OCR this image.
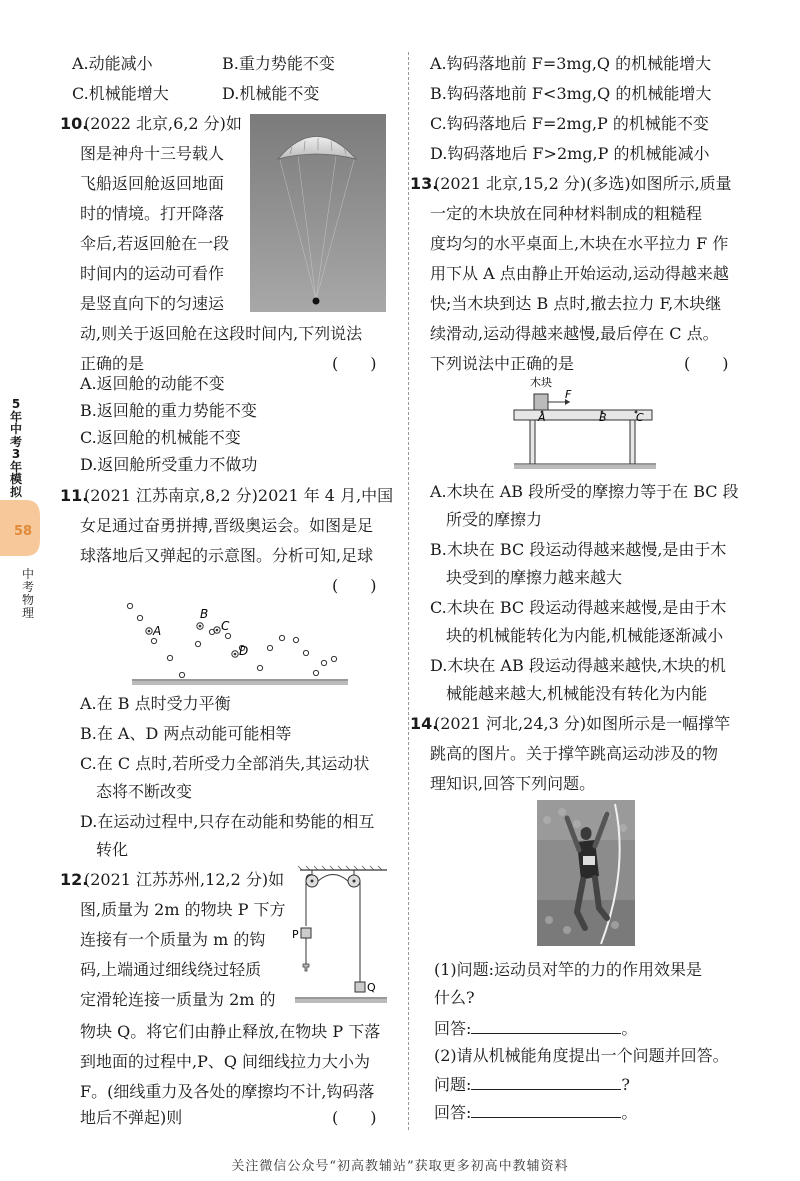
A.动能减小	B.重力势能不变
C.机械能增大	D.机械能不变
10.
(2022 北京,6,2 分)如
图是神舟十三号载人
飞船返回舱返回地面
时的情境。打开降落
伞后,若返回舱在一段
时间内的运动可看作
是竖直向下的匀速运
动,则关于返回舱在这段时间内,下列说法
正确的是	(　　)
A.返回舱的动能不变
B.返回舱的重力势能不变
C.返回舱的机械能不变
D.返回舱所受重力不做功
11.
(2021 江苏南京,8,2 分)2021 年 4 月,中国
女足通过奋勇拼搏,晋级奥运会。如图是足
球落地后又弹起的示意图。分析可知,足球
(　　)
A
B
C
D
A.在 B 点时受力平衡
B.在 A、D 两点动能可能相等
C.在 C 点时,若所受力全部消失,其运动状
态将不断改变
D.在运动过程中,只存在动能和势能的相互
转化
12.
(2021 江苏苏州,12,2 分)如
图,质量为 2m 的物块 P 下方
连接有一个质量为 m 的钩
码,上端通过细线绕过轻质
定滑轮连接一质量为 2m 的
物块 Q。将它们由静止释放,在物块 P 下落
到地面的过程中,P、Q 间细线拉力大小为
F。(细线重力及各处的摩擦均不计,钩码落
地后不弹起)则	(　　)
P
Q
A.钩码落地前 F=3mg,Q 的机械能增大
B.钩码落地前 F<3mg,Q 的机械能增大
C.钩码落地后 F=2mg,P 的机械能不变
D.钩码落地后 F>2mg,P 的机械能减小
13.
(2021 北京,15,2 分)(多选)如图所示,质量
一定的木块放在同种材料制成的粗糙程
度均匀的水平桌面上,木块在水平拉力 F 作
用下从 A 点由静止开始运动,运动得越来越
快;当木块到达 B 点时,撤去拉力 F,木块继
续滑动,运动得越来越慢,最后停在 C 点。
下列说法中正确的是	(　　)
木块
F
A	B	C
A.木块在 AB 段所受的摩擦力等于在 BC 段
所受的摩擦力
B.木块在 BC 段运动得越来越慢,是由于木
块受到的摩擦力越来越大
C.木块在 BC 段运动得越来越慢,是由于木
块的机械能转化为内能,机械能逐渐减小
D.木块在 AB 段运动得越来越快,木块的机
械能越来越大,机械能没有转化为内能
14.
(2021 河北,24,3 分)如图所示是一幅撑竿
跳高的图片。关于撑竿跳高运动涉及的物
理知识,回答下列问题。
(1)问题:运动员对竿的力的作用效果是
什么?
回答:	。
(2)请从机械能角度提出一个问题并回答。
问题:	?
回答:	。
58
5
年
中
考
3
年
模
拟
中
考
物
理
关注微信公众号“初高教辅站”获取更多初高中教辅资料
